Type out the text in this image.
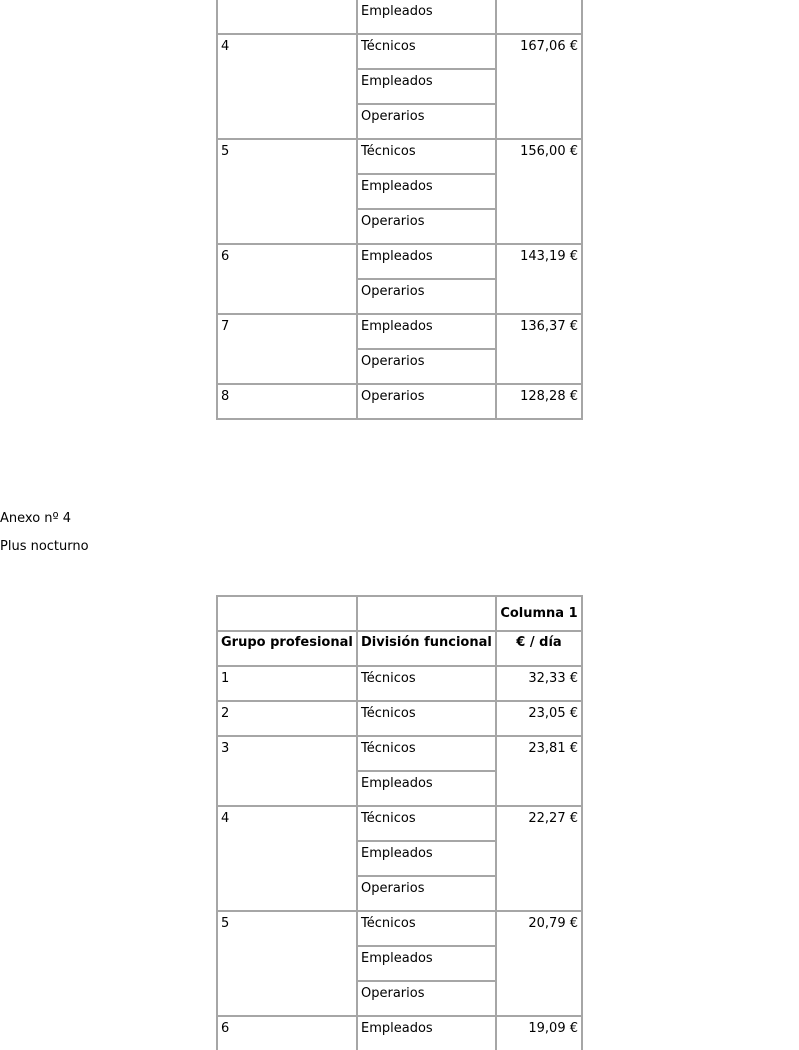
	Empleados	
4	Técnicos	167,06 €
	Empleados	
	Operarios	
5	Técnicos	156,00 €
	Empleados	
	Operarios	
6	Empleados	143,19 €
	Operarios	
7	Empleados	136,37 €
	Operarios	
8	Operarios	128,28 €
Anexo nº 4
Plus nocturno
		Columna 1
Grupo profesional	División funcional	€ / día
1	Técnicos	32,33 €
2	Técnicos	23,05 €
3	Técnicos	23,81 €
	Empleados	
4	Técnicos	22,27 €
	Empleados	
	Operarios	
5	Técnicos	20,79 €
	Empleados	
	Operarios	
6	Empleados	19,09 €
